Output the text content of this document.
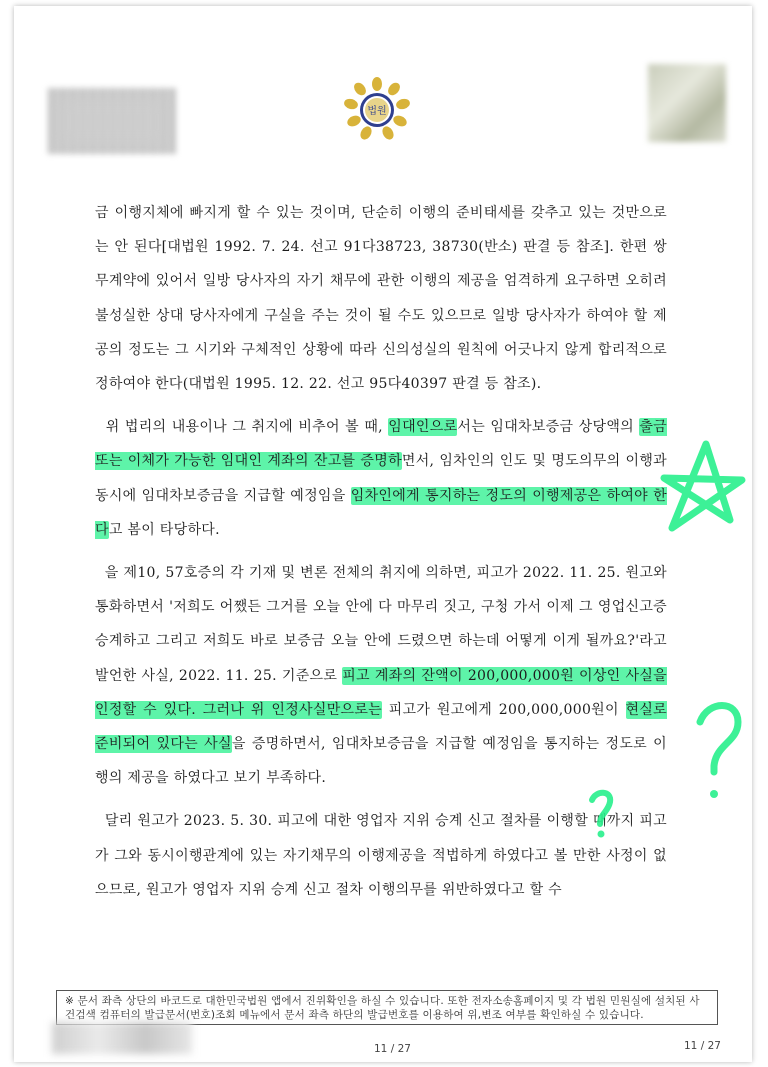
법원

금 이행지체에 빠지게 할 수 있는 것이며, 단순히 이행의 준비태세를 갖추고 있는 것만으로는 안 된다[대법원 1992. 7. 24. 선고 91다38723, 38730(반소) 판결 등 참조]. 한편 쌍무계약에 있어서 일방 당사자의 자기 채무에 관한 이행의 제공을 엄격하게 요구하면 오히려 불성실한 상대 당사자에게 구실을 주는 것이 될 수도 있으므로 일방 당사자가 하여야 할 제공의 정도는 그 시기와 구체적인 상황에 따라 신의성실의 원칙에 어긋나지 않게 합리적으로 정하여야 한다(대법원 1995. 12. 22. 선고 95다40397 판결 등 참조).

위 법리의 내용이나 그 취지에 비추어 볼 때, 임대인으로서는 임대차보증금 상당액의 출금 또는 이체가 가능한 임대인 계좌의 잔고를 증명하면서, 임차인의 인도 및 명도의무의 이행과 동시에 임대차보증금을 지급할 예정임을 임차인에게 통지하는 정도의 이행제공은 하여야 한다고 봄이 타당하다.

을 제10, 57호증의 각 기재 및 변론 전체의 취지에 의하면, 피고가 2022. 11. 25. 원고와 통화하면서 '저희도 어쨌든 그거를 오늘 안에 다 마무리 짓고, 구청 가서 이제 그 영업신고증 승계하고 그리고 저희도 바로 보증금 오늘 안에 드렸으면 하는데 어떻게 이게 될까요?'라고 발언한 사실, 2022. 11. 25. 기준으로 피고 계좌의 잔액이 200,000,000원 이상인 사실을 인정할 수 있다. 그러나 위 인정사실만으로는 피고가 원고에게 200,000,000원이 현실로 준비되어 있다는 사실을 증명하면서, 임대차보증금을 지급할 예정임을 통지하는 정도로 이행의 제공을 하였다고 보기 부족하다.

달리 원고가 2023. 5. 30. 피고에 대한 영업자 지위 승계 신고 절차를 이행할 때까지 피고가 그와 동시이행관계에 있는 자기채무의 이행제공을 적법하게 하였다고 볼 만한 사정이 없으므로, 원고가 영업자 지위 승계 신고 절차 이행의무를 위반하였다고 할 수

※ 문서 좌측 상단의 바코드로 대한민국법원 앱에서 진위확인을 하실 수 있습니다. 또한 전자소송홈페이지 및 각 법원 민원실에 설치된 사건검색 컴퓨터의 발급문서(번호)조회 메뉴에서 문서 좌측 하단의 발급번호를 이용하여 위,변조 여부를 확인하실 수 있습니다.
11 / 27	11 / 27
